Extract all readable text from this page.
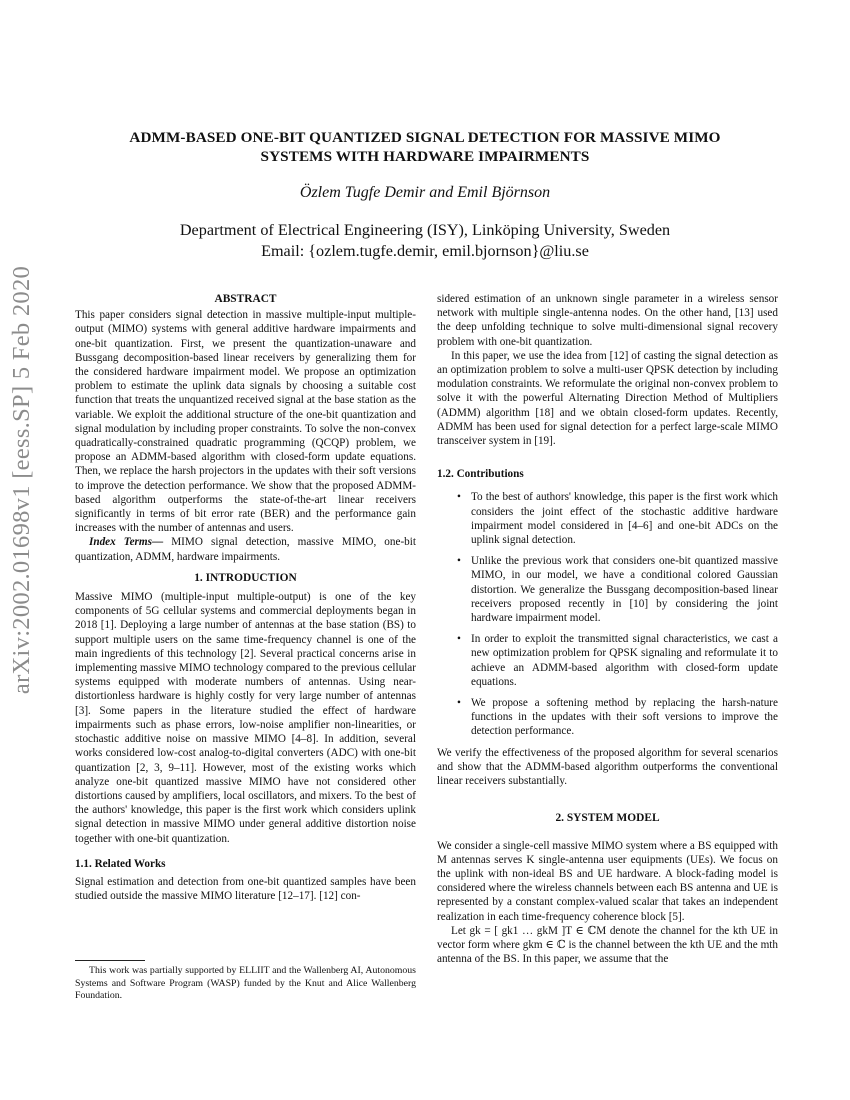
arXiv:2002.01698v1 [eess.SP] 5 Feb 2020
ADMM-BASED ONE-BIT QUANTIZED SIGNAL DETECTION FOR MASSIVE MIMO
SYSTEMS WITH HARDWARE IMPAIRMENTS
Özlem Tugfe Demir and Emil Björnson
Department of Electrical Engineering (ISY), Linköping University, Sweden
Email: {ozlem.tugfe.demir, emil.bjornson}@liu.se
ABSTRACT

This paper considers signal detection in massive multiple-input multiple-output (MIMO) systems with general additive hardware impairments and one-bit quantization. First, we present the quantization-unaware and Bussgang decomposition-based linear receivers by generalizing them for the considered hardware impairment model. We propose an optimization problem to estimate the uplink data signals by choosing a suitable cost function that treats the unquantized received signal at the base station as the variable. We exploit the additional structure of the one-bit quantization and signal modulation by including proper constraints. To solve the non-convex quadratically-constrained quadratic programming (QCQP) problem, we propose an ADMM-based algorithm with closed-form update equations. Then, we replace the harsh projectors in the updates with their soft versions to improve the detection performance. We show that the proposed ADMM-based algorithm outperforms the state-of-the-art linear receivers significantly in terms of bit error rate (BER) and the performance gain increases with the number of antennas and users.

Index Terms— MIMO signal detection, massive MIMO, one-bit quantization, ADMM, hardware impairments.

1. INTRODUCTION

Massive MIMO (multiple-input multiple-output) is one of the key components of 5G cellular systems and commercial deployments began in 2018 [1]. Deploying a large number of antennas at the base station (BS) to support multiple users on the same time-frequency channel is one of the main ingredients of this technology [2]. Several practical concerns arise in implementing massive MIMO technology compared to the previous cellular systems equipped with moderate numbers of antennas. Using near-distortionless hardware is highly costly for very large number of antennas [3]. Some papers in the literature studied the effect of hardware impairments such as phase errors, low-noise amplifier non-linearities, or stochastic additive noise on massive MIMO [4–8]. In addition, several works considered low-cost analog-to-digital converters (ADC) with one-bit quantization [2, 3, 9–11]. However, most of the existing works which analyze one-bit quantized massive MIMO have not considered other distortions caused by amplifiers, local oscillators, and mixers. To the best of the authors' knowledge, this paper is the first work which considers uplink signal detection in massive MIMO under general additive distortion noise together with one-bit quantization.

1.1. Related Works

Signal estimation and detection from one-bit quantized samples have been studied outside the massive MIMO literature [12–17]. [12] con-

sidered estimation of an unknown single parameter in a wireless sensor network with multiple single-antenna nodes. On the other hand, [13] used the deep unfolding technique to solve multi-dimensional signal recovery problem with one-bit quantization.

In this paper, we use the idea from [12] of casting the signal detection as an optimization problem to solve a multi-user QPSK detection by including modulation constraints. We reformulate the original non-convex problem to solve it with the powerful Alternating Direction Method of Multipliers (ADMM) algorithm [18] and we obtain closed-form updates. Recently, ADMM has been used for signal detection for a perfect large-scale MIMO transceiver system in [19].

1.2. Contributions
• To the best of authors' knowledge, this paper is the first work which considers the joint effect of the stochastic additive hardware impairment model considered in [4–6] and one-bit ADCs on the uplink signal detection.
• Unlike the previous work that considers one-bit quantized massive MIMO, in our model, we have a conditional colored Gaussian distortion. We generalize the Bussgang decomposition-based linear receivers proposed recently in [10] by considering the joint hardware impairment model.
• In order to exploit the transmitted signal characteristics, we cast a new optimization problem for QPSK signaling and reformulate it to achieve an ADMM-based algorithm with closed-form update equations.
• We propose a softening method by replacing the harsh-nature functions in the updates with their soft versions to improve the detection performance.

We verify the effectiveness of the proposed algorithm for several scenarios and show that the ADMM-based algorithm outperforms the conventional linear receivers substantially.

2. SYSTEM MODEL

We consider a single-cell massive MIMO system where a BS equipped with M antennas serves K single-antenna user equipments (UEs). We focus on the uplink with non-ideal BS and UE hardware. A block-fading model is considered where the wireless channels between each BS antenna and UE is represented by a constant complex-valued scalar that takes an independent realization in each time-frequency coherence block [5].

Let gk = [ gk1 … gkM ]T ∈ ℂM denote the channel for the kth UE in vector form where gkm ∈ ℂ is the channel between the kth UE and the mth antenna of the BS. In this paper, we assume that the

This work was partially supported by ELLIIT and the Wallenberg AI, Autonomous Systems and Software Program (WASP) funded by the Knut and Alice Wallenberg Foundation.
